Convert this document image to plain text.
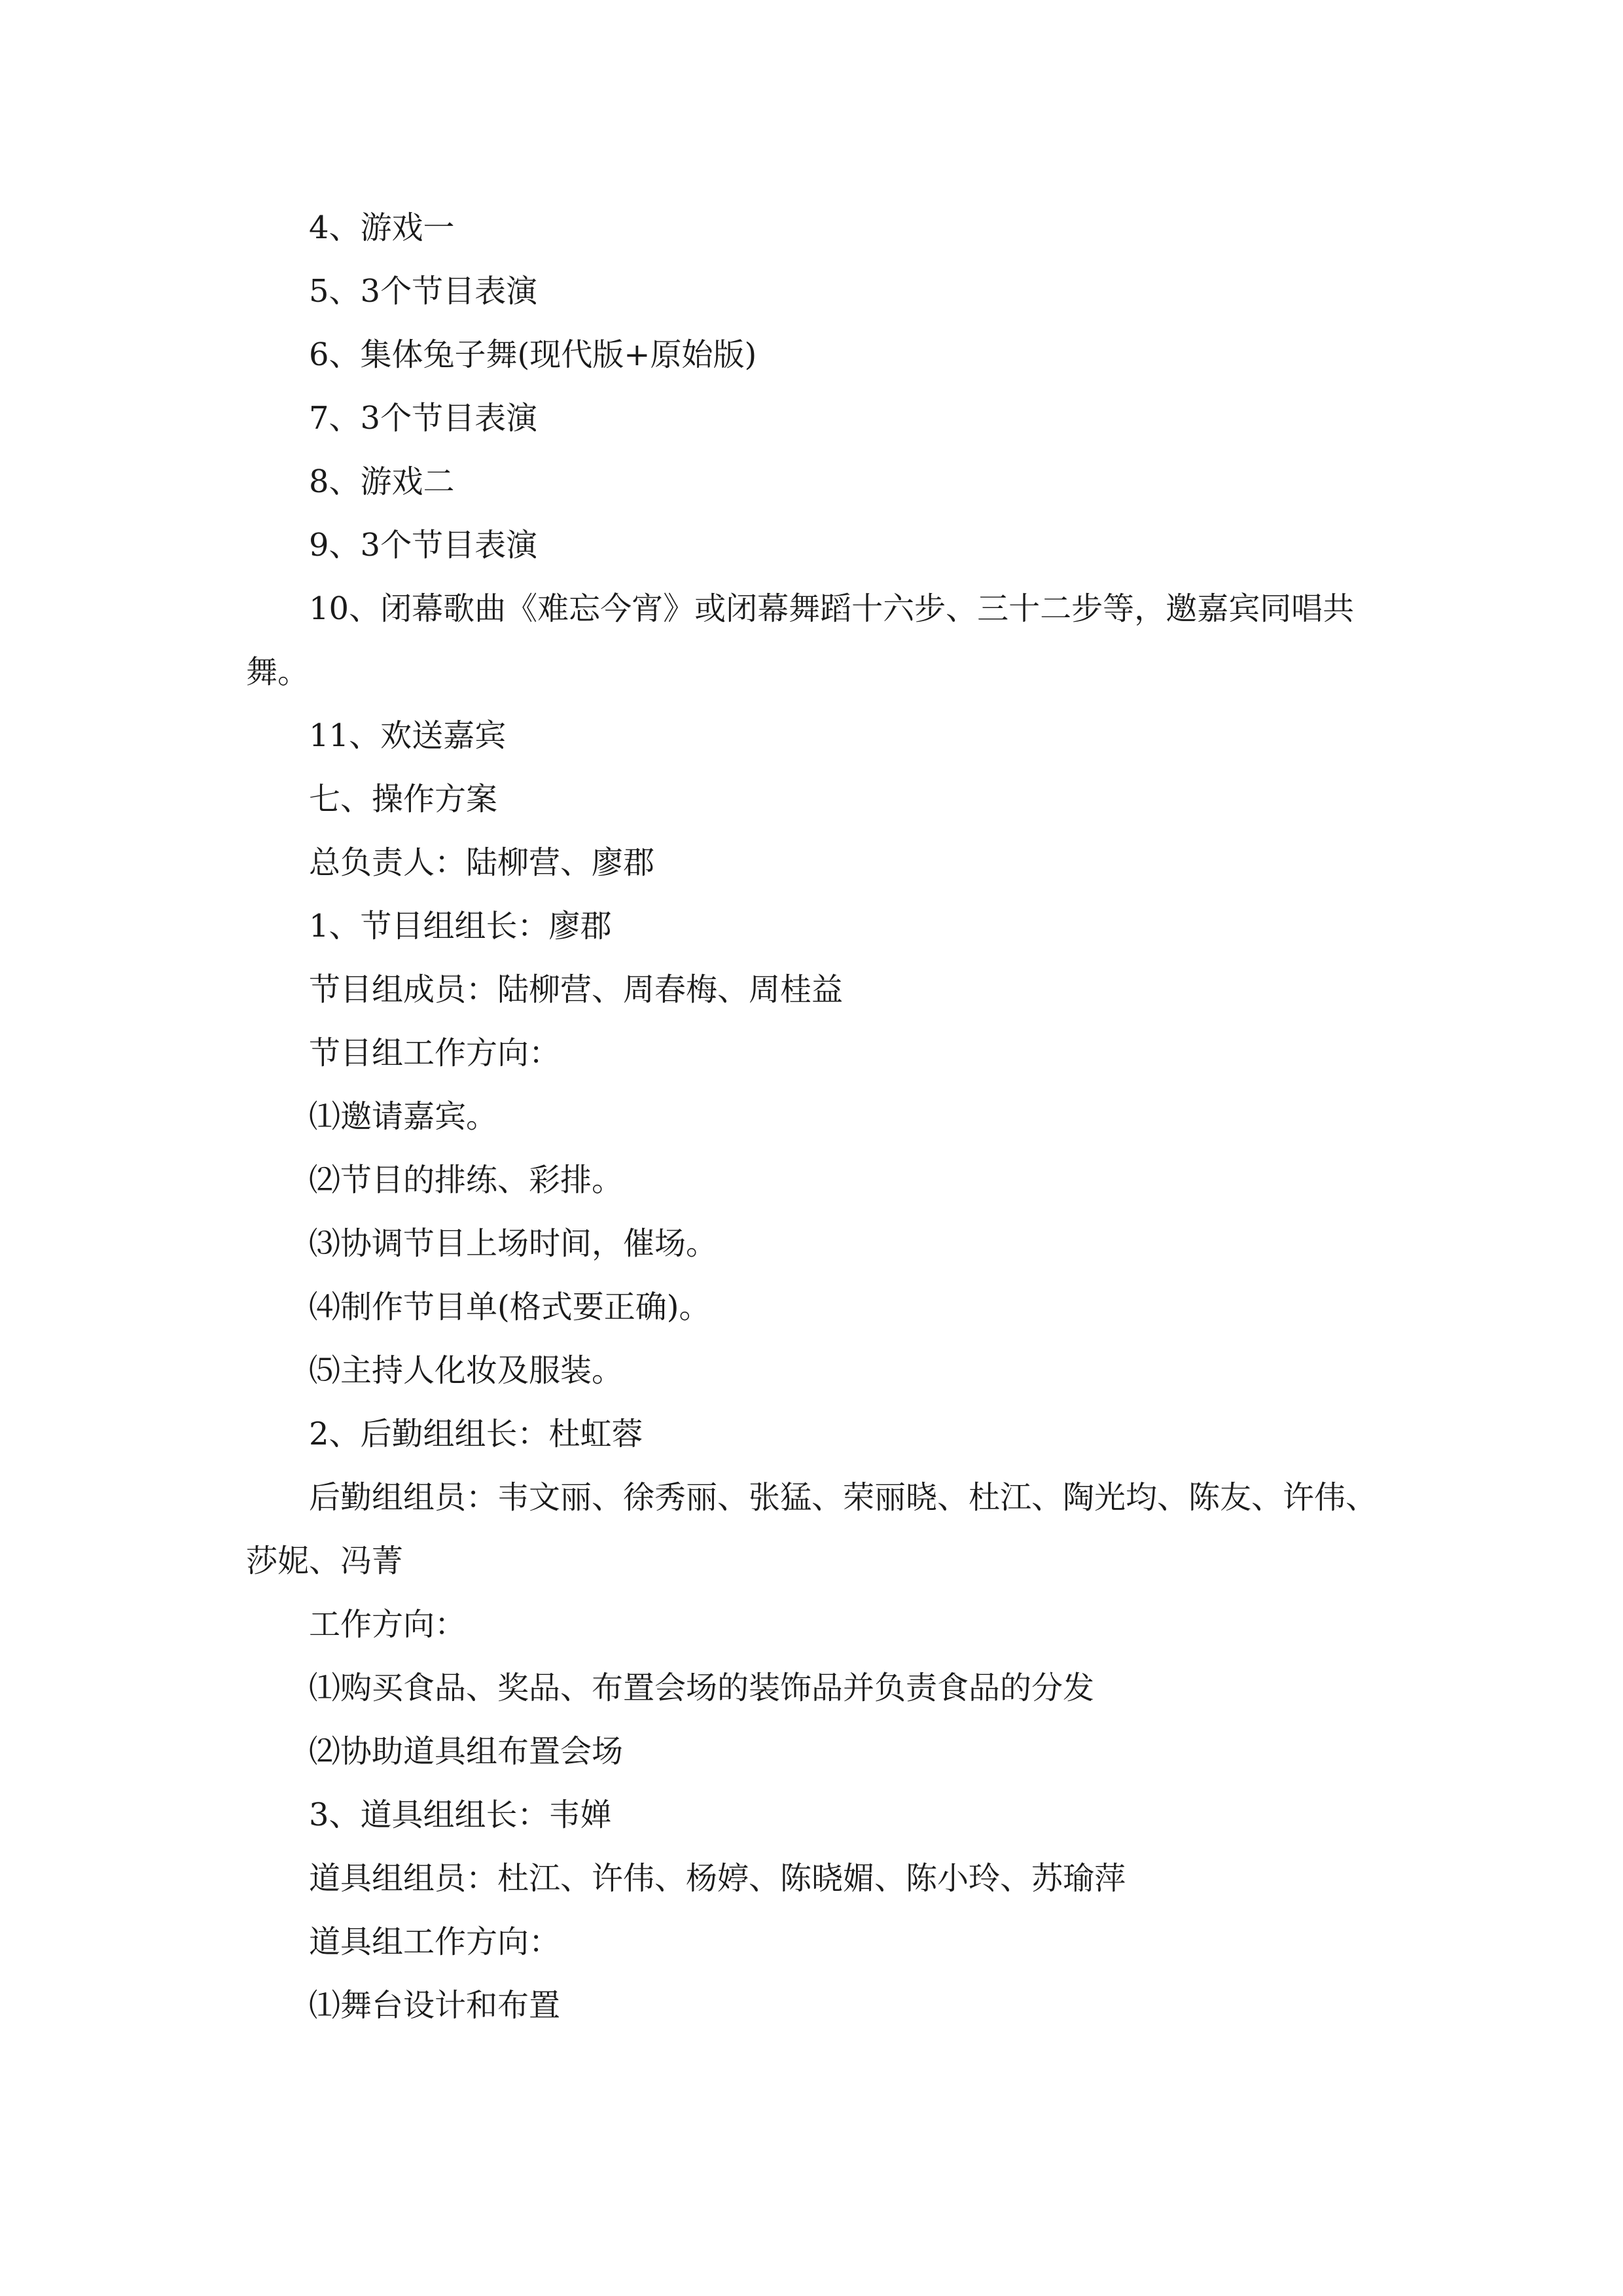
4、游戏一

5、3个节目表演

6、集体兔子舞(现代版+原始版)

7、3个节目表演

8、游戏二

9、3个节目表演

10、闭幕歌曲《难忘今宵》或闭幕舞蹈十六步、三十二步等，邀嘉宾同唱共舞。

11、欢送嘉宾

七、操作方案

总负责人：陆柳营、廖郡

1、节目组组长：廖郡

节目组成员：陆柳营、周春梅、周桂益

节目组工作方向：

⑴邀请嘉宾。

⑵节目的排练、彩排。

⑶协调节目上场时间，催场。

⑷制作节目单(格式要正确)。

⑸主持人化妆及服装。

2、后勤组组长：杜虹蓉

后勤组组员：韦文丽、徐秀丽、张猛、荣丽晓、杜江、陶光均、陈友、许伟、莎妮、冯菁

工作方向：

⑴购买食品、奖品、布置会场的装饰品并负责食品的分发

⑵协助道具组布置会场

3、道具组组长：韦婵

道具组组员：杜江、许伟、杨婷、陈晓媚、陈小玲、苏瑜萍

道具组工作方向：

⑴舞台设计和布置
